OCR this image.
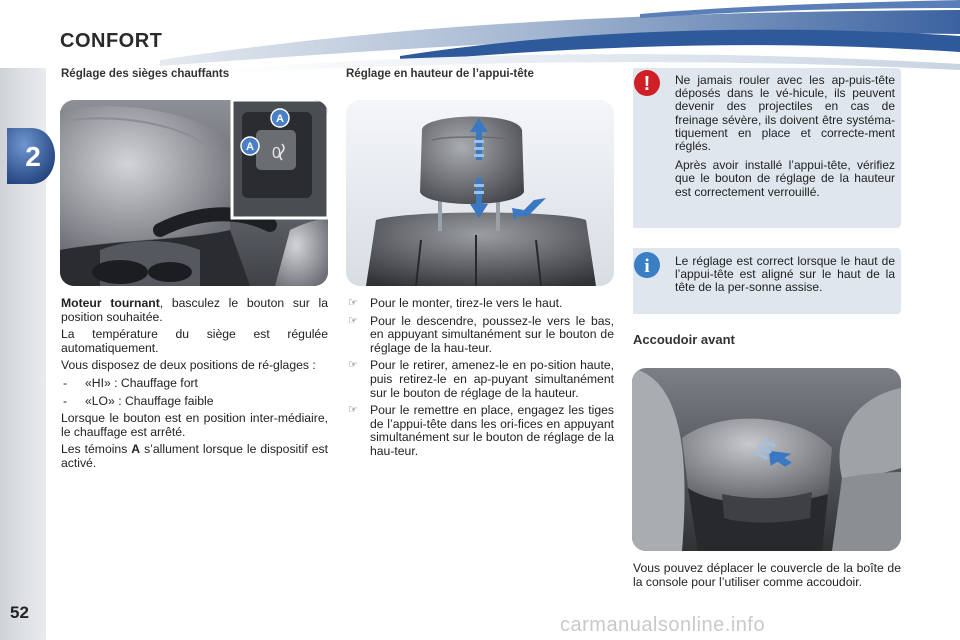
CONFORT
2
52
Réglage des sièges chauffants	Réglage en hauteur de l’appui-tête
0
A
A

Moteur tournant, basculez le bouton sur la position souhaitée.

La température du siège est régulée automatiquement.

Vous disposez de deux positions de ré-glages :

- «HI» : Chauffage fort
- «LO» : Chauffage faible

Lorsque le bouton est en position inter-médiaire, le chauffage est arrêté.

Les témoins A s’allument lorsque le dispositif est activé.

☞ Pour le monter, tirez-le vers le haut.
☞ Pour le descendre, poussez-le vers le bas, en appuyant simultanément sur le bouton de réglage de la hau-teur.
☞ Pour le retirer, amenez-le en po-sition haute, puis retirez-le en ap-puyant simultanément sur le bouton de réglage de la hauteur.
☞ Pour le remettre en place, engagez les tiges de l’appui-tête dans les ori-fices en appuyant simultanément sur le bouton de réglage de la hau-teur.
! Ne jamais rouler avec les ap-puis-tête déposés dans le vé-hicule, ils peuvent devenir des projectiles en cas de freinage sévère, ils doivent être systéma-tiquement en place et correcte-ment réglés.

Après avoir installé l’appui-tête, vérifiez que le bouton de réglage de la hauteur est correctement verrouillé.

i Le réglage est correct lorsque le haut de l’appui-tête est aligné sur le haut de la tête de la per-sonne assise.
Accoudoir avant
Vous pouvez déplacer le couvercle de la boîte de la console pour l’utiliser comme accoudoir.
carmanualsonline.info
